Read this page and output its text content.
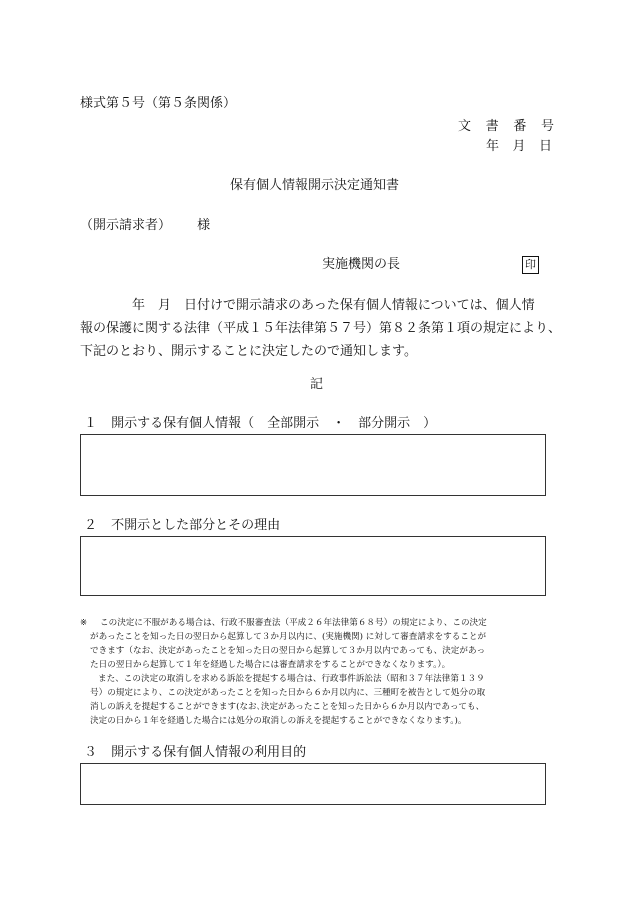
様式第５号（第５条関係）
文 書 番 号
年 月 日
保有個人情報開示決定通知書
（開示請求者） 様
実施機関の長	印

年　月　日付けで開示請求のあった保有個人情報については、個人情

報の保護に関する法律（平成１５年法律第５７号）第８２条第１項の規定により、

下記のとおり、開示することに決定したので通知します。

記
１ 開示する保有個人情報（　全部開示　・　部分開示　）
２ 不開示とした部分とその理由

※ この決定に不服がある場合は、行政不服審査法（平成２６年法律第６８号）の規定により、この決定

があったことを知った日の翌日から起算して３か月以内に、(実施機関) に対して審査請求をすることが

できます（なお、決定があったことを知った日の翌日から起算して３か月以内であっても、決定があっ

た日の翌日から起算して１年を経過した場合には審査請求をすることができなくなります。）。

また、この決定の取消しを求める訴訟を提起する場合は、行政事件訴訟法（昭和３７年法律第１３９

号）の規定により、この決定があったことを知った日から６か月以内に、三種町を被告として処分の取

消しの訴えを提起することができます(なお､決定があったことを知った日から６か月以内であっても、

決定の日から１年を経過した場合には処分の取消しの訴えを提起することができなくなります。)。

３ 開示する保有個人情報の利用目的
